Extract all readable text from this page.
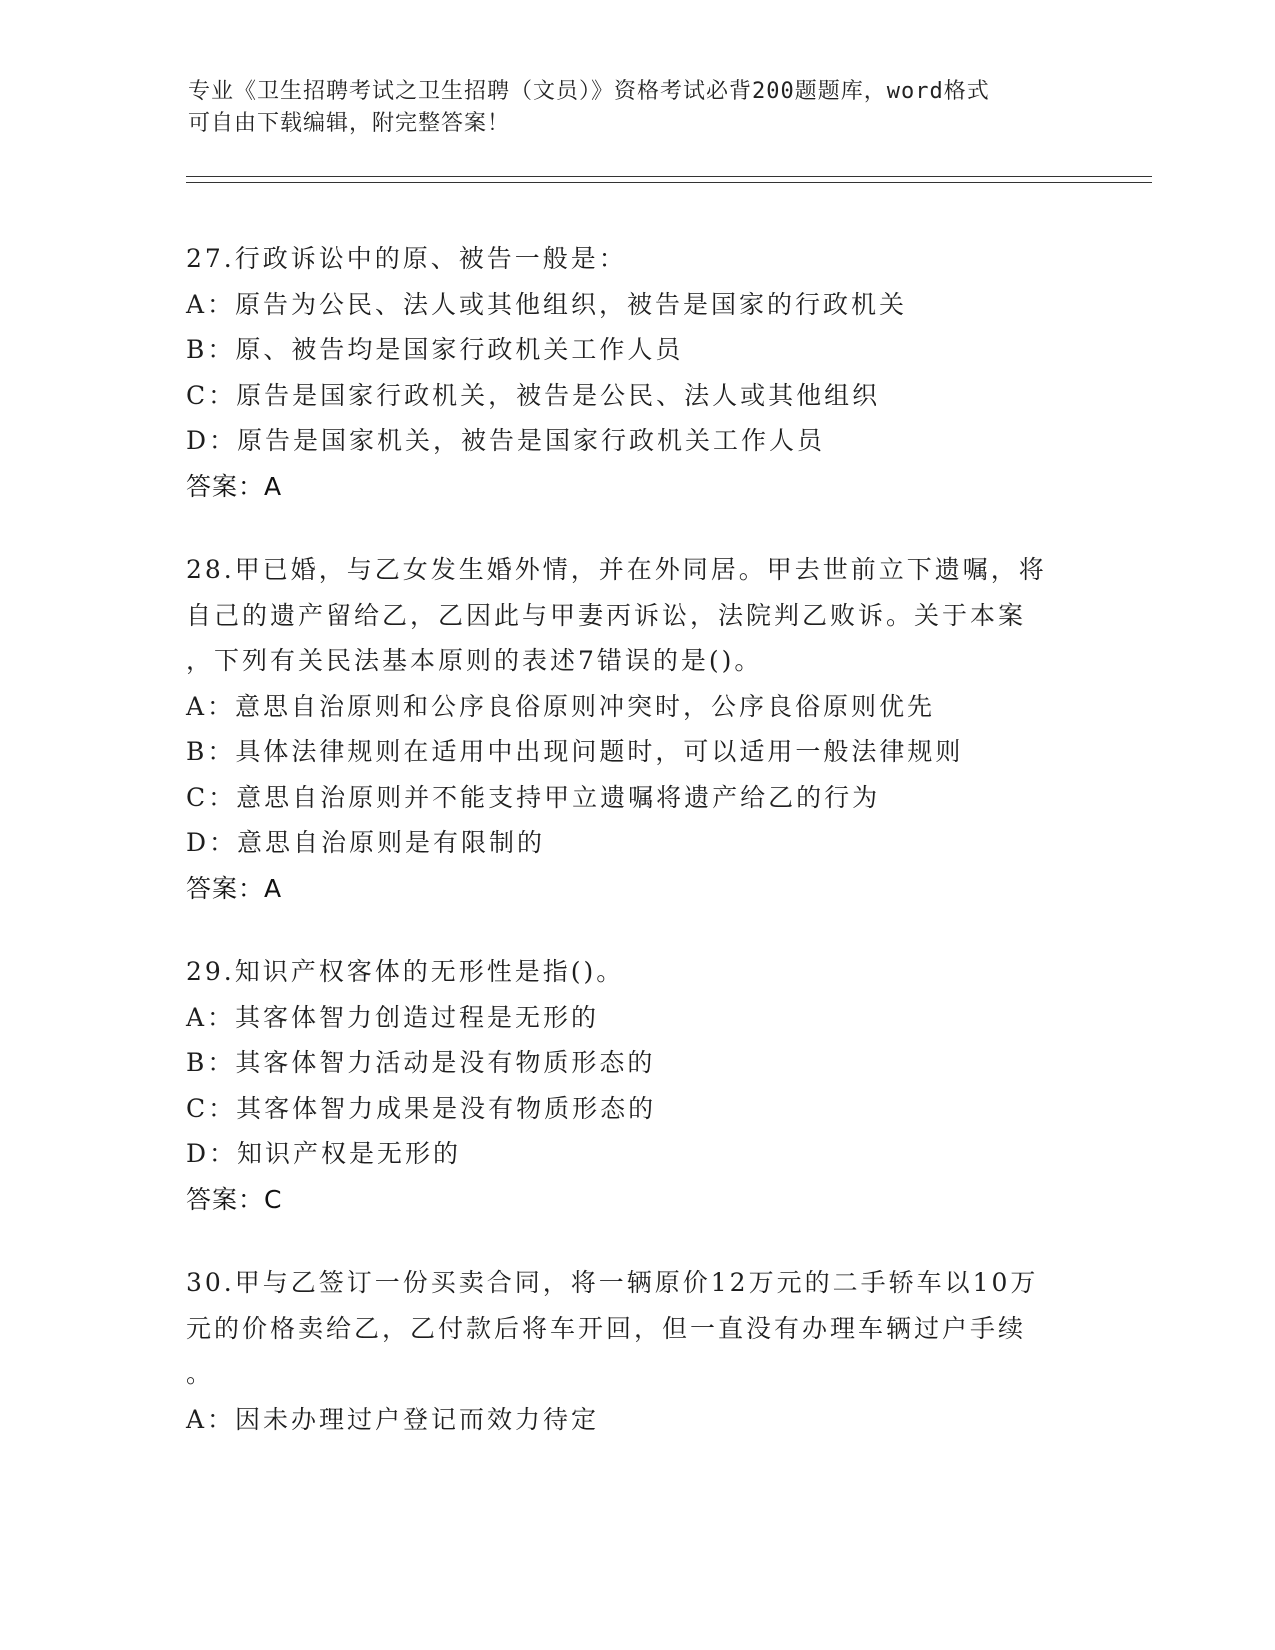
专业《卫生招聘考试之卫生招聘（文员）》资格考试必背200题题库，word格式
可自由下载编辑，附完整答案！
27.行政诉讼中的原、被告一般是：
A：原告为公民、法人或其他组织，被告是国家的行政机关
B：原、被告均是国家行政机关工作人员
C：原告是国家行政机关，被告是公民、法人或其他组织
D：原告是国家机关，被告是国家行政机关工作人员
答案：A
28.甲已婚，与乙女发生婚外情，并在外同居。甲去世前立下遗嘱，将
自己的遗产留给乙，乙因此与甲妻丙诉讼，法院判乙败诉。关于本案
，下列有关民法基本原则的表述7错误的是()。
A：意思自治原则和公序良俗原则冲突时，公序良俗原则优先
B：具体法律规则在适用中出现问题时，可以适用一般法律规则
C：意思自治原则并不能支持甲立遗嘱将遗产给乙的行为
D：意思自治原则是有限制的
答案：A
29.知识产权客体的无形性是指()。
A：其客体智力创造过程是无形的
B：其客体智力活动是没有物质形态的
C：其客体智力成果是没有物质形态的
D：知识产权是无形的
答案：C
30.甲与乙签订一份买卖合同，将一辆原价12万元的二手轿车以10万
元的价格卖给乙，乙付款后将车开回，但一直没有办理车辆过户手续
。
A：因未办理过户登记而效力待定
